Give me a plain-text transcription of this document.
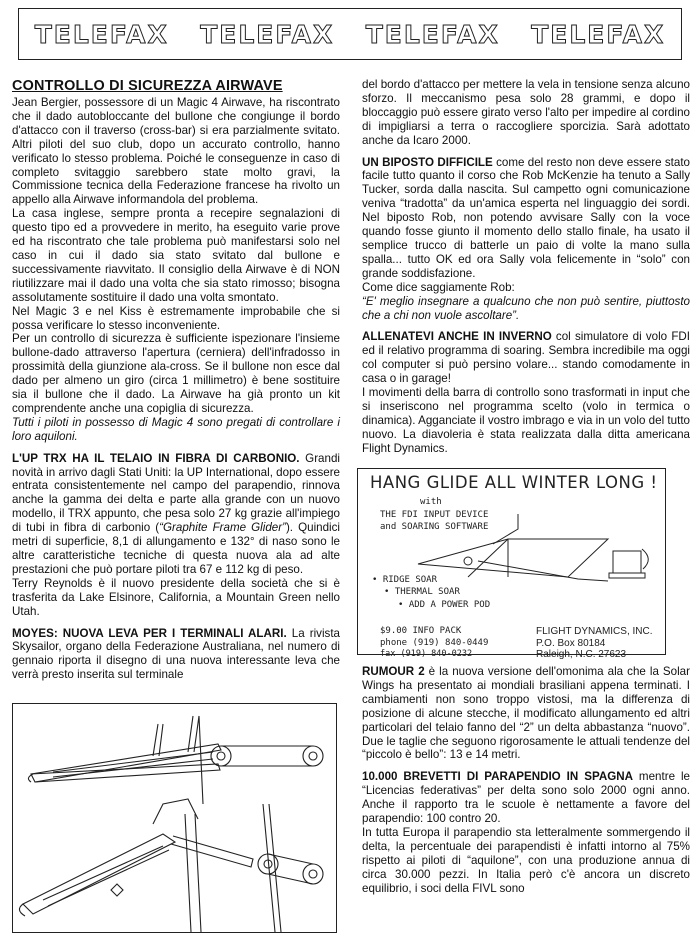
TELEFAX TELEFAX TELEFAX TELEFAX
CONTROLLO DI SICUREZZA AIRWAVE

Jean Bergier, possessore di un Magic 4 Airwave, ha riscontrato che il dado autobloccante del bullone che congiunge il bordo d'attacco con il traverso (cross-bar) si era parzialmente svitato. Altri piloti del suo club, dopo un accurato controllo, hanno verificato lo stesso problema. Poiché le conseguenze in caso di completo svitaggio sarebbero state molto gravi, la Commissione tecnica della Federazione francese ha rivolto un appello alla Airwave informandola del problema.

La casa inglese, sempre pronta a recepire segnalazioni di questo tipo ed a provvedere in merito, ha eseguito varie prove ed ha riscontrato che tale problema può manifestarsi solo nel caso in cui il dado sia stato svitato dal bullone e successivamente riavvitato. Il consiglio della Airwave è di NON riutilizzare mai il dado una volta che sia stato rimosso; bisogna assolutamente sostituire il dado una volta smontato.

Nel Magic 3 e nel Kiss è estremamente improbabile che si possa verificare lo stesso inconveniente.

Per un controllo di sicurezza è sufficiente ispezionare l'insieme bullone-dado attraverso l'apertura (cerniera) dell'infradosso in prossimità della giunzione ala-cross. Se il bullone non esce dal dado per almeno un giro (circa 1 millimetro) è bene sostituire sia il bullone che il dado. La Airwave ha già pronto un kit comprendente anche una copiglia di sicurezza.

Tutti i piloti in possesso di Magic 4 sono pregati di controllare i loro aquiloni.

L'UP TRX HA IL TELAIO IN FIBRA DI CARBONIO. Grandi novità in arrivo dagli Stati Uniti: la UP International, dopo essere entrata consistentemente nel campo del parapendio, rinnova anche la gamma dei delta e parte alla grande con un nuovo modello, il TRX appunto, che pesa solo 27 kg grazie all'impiego di tubi in fibra di carbonio (“Graphite Frame Glider”). Quindici metri di superficie, 8,1 di allungamento e 132° di naso sono le altre caratteristiche tecniche di questa nuova ala ad alte prestazioni che può portare piloti tra 67 e 112 kg di peso.

Terry Reynolds è il nuovo presidente della società che si è trasferita da Lake Elsinore, California, a Mountain Green nello Utah.

MOYES: NUOVA LEVA PER I TERMINALI ALARI. La rivista Skysailor, organo della Federazione Australiana, nel numero di gennaio riporta il disegno di una nuova interessante leva che verrà presto inserita sul terminale

del bordo d'attacco per mettere la vela in tensione senza alcuno sforzo. Il meccanismo pesa solo 28 grammi, e dopo il bloccaggio può essere girato verso l'alto per impedire al cordino di impigliarsi a terra o raccogliere sporcizia. Sarà adottato anche da Icaro 2000.

UN BIPOSTO DIFFICILE come del resto non deve essere stato facile tutto quanto il corso che Rob McKenzie ha tenuto a Sally Tucker, sorda dalla nascita. Sul campetto ogni comunicazione veniva “tradotta” da un'amica esperta nel linguaggio dei sordi. Nel biposto Rob, non potendo avvisare Sally con la voce quando fosse giunto il momento dello stallo finale, ha usato il semplice trucco di batterle un paio di volte la mano sulla spalla... tutto OK ed ora Sally vola felicemente in “solo” con grande soddisfazione.

Come dice saggiamente Rob:

“E' meglio insegnare a qualcuno che non può sentire, piuttosto che a chi non vuole ascoltare”.

ALLENATEVI ANCHE IN INVERNO col simulatore di volo FDI ed il relativo programma di soaring. Sembra incredibile ma oggi col computer si può persino volare... stando comodamente in casa o in garage!

I movimenti della barra di controllo sono trasformati in input che si inseriscono nel programma scelto (volo in termica o dinamica). Agganciate il vostro imbrago e via in un volo del tutto nuovo. La diavoleria è stata realizzata dalla ditta americana Flight Dynamics.

HANG GLIDE ALL WINTER LONG !
with
THE FDI INPUT DEVICE
and SOARING SOFTWARE
• RIDGE SOAR
• THERMAL SOAR
• ADD A POWER POD
$9.00 INFO PACK
phone (919) 840-0449
fax (919) 840-0232
FLIGHT DYNAMICS, INC.
P.O. Box 80184
Raleigh, N.C. 27623

RUMOUR 2 è la nuova versione dell'omonima ala che la Solar Wings ha presentato ai mondiali brasiliani appena terminati. I cambiamenti non sono troppo vistosi, ma la differenza di posizione di alcune stecche, il modificato allungamento ed altri particolari del telaio fanno del “2” un delta abbastanza “nuovo”. Due le taglie che seguono rigorosamente le attuali tendenze del “piccolo è bello”: 13 e 14 metri.

10.000 BREVETTI DI PARAPENDIO IN SPAGNA mentre le “Licencias federativas” per delta sono solo 2000 ogni anno. Anche il rapporto tra le scuole è nettamente a favore del parapendio: 100 contro 20.

In tutta Europa il parapendio sta letteralmente sommergendo il delta, la percentuale dei parapendisti è infatti intorno al 75% rispetto ai piloti di “aquilone”, con una produzione annua di circa 30.000 pezzi. In Italia però c'è ancora un discreto equilibrio, i soci della FIVL sono
